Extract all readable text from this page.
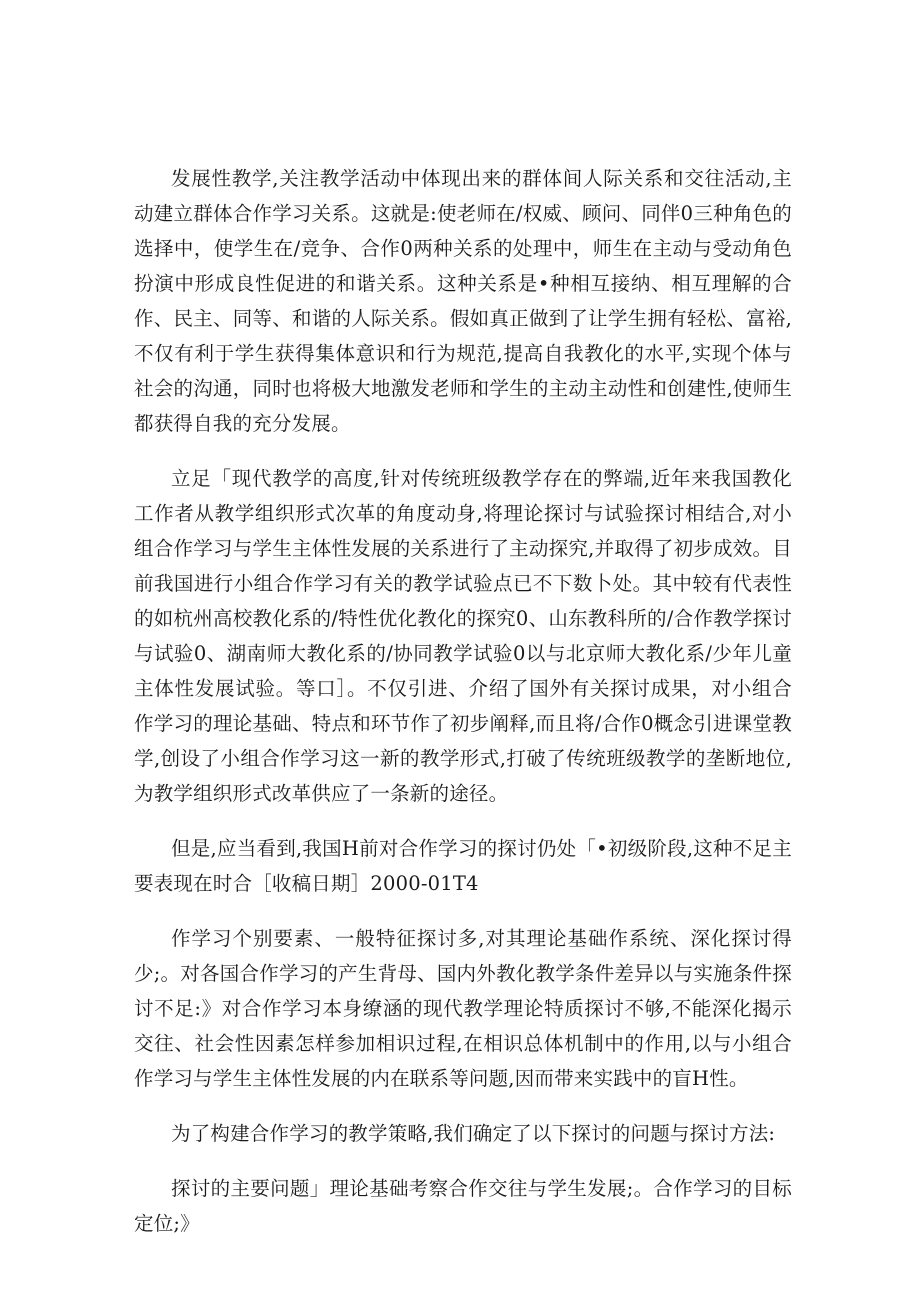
发展性教学,关注教学活动中体现出来的群体间人际关系和交往活动,主动建立群体合作学习关系。这就是:使老师在/权威、顾问、同伴0三种角色的选择中，使学生在/竞争、合作0两种关系的处理中，师生在主动与受动角色扮演中形成良性促进的和谐关系。这种关系是•种相互接纳、相互理解的合作、民主、同等、和谐的人际关系。假如真正做到了让学生拥有轻松、富裕,不仅有利于学生获得集体意识和行为规范,提高自我教化的水平,实现个体与社会的沟通，同时也将极大地激发老师和学生的主动主动性和创建性,使师生都获得自我的充分发展。

立足「现代教学的高度,针对传统班级教学存在的弊端,近年来我国教化工作者从教学组织形式次革的角度动身,将理论探讨与试验探讨相结合,对小组合作学习与学生主体性发展的关系进行了主动探究,并取得了初步成效。目前我国进行小组合作学习有关的教学试验点已不下数卜处。其中较有代表性的如杭州高校教化系的/特性优化教化的探究0、山东教科所的/合作教学探讨与试验0、湖南师大教化系的/协同教学试验0以与北京师大教化系/少年儿童主体性发展试验。等口］。不仅引进、介绍了国外有关探讨成果，对小组合作学习的理论基础、特点和环节作了初步阐释,而且将/合作0概念引进课堂教学,创设了小组合作学习这一新的教学形式,打破了传统班级教学的垄断地位,为教学组织形式改革供应了一条新的途径。

但是,应当看到,我国H前对合作学习的探讨仍处「•初级阶段,这种不足主要表现在时合［收稿日期］2000-01T4

作学习个别要素、一般特征探讨多,对其理论基础作系统、深化探讨得少;。对各国合作学习的产生背母、国内外教化教学条件差异以与实施条件探讨不足:》对合作学习本身缭涵的现代教学理论特质探讨不够,不能深化揭示交往、社会性因素怎样参加相识过程,在相识总体机制中的作用,以与小组合作学习与学生主体性发展的内在联系等问题,因而带来实践中的盲H性。

为了构建合作学习的教学策略,我们确定了以下探讨的问题与探讨方法:

探讨的主要问题」理论基础考察合作交往与学生发展;。合作学习的目标定位;》
